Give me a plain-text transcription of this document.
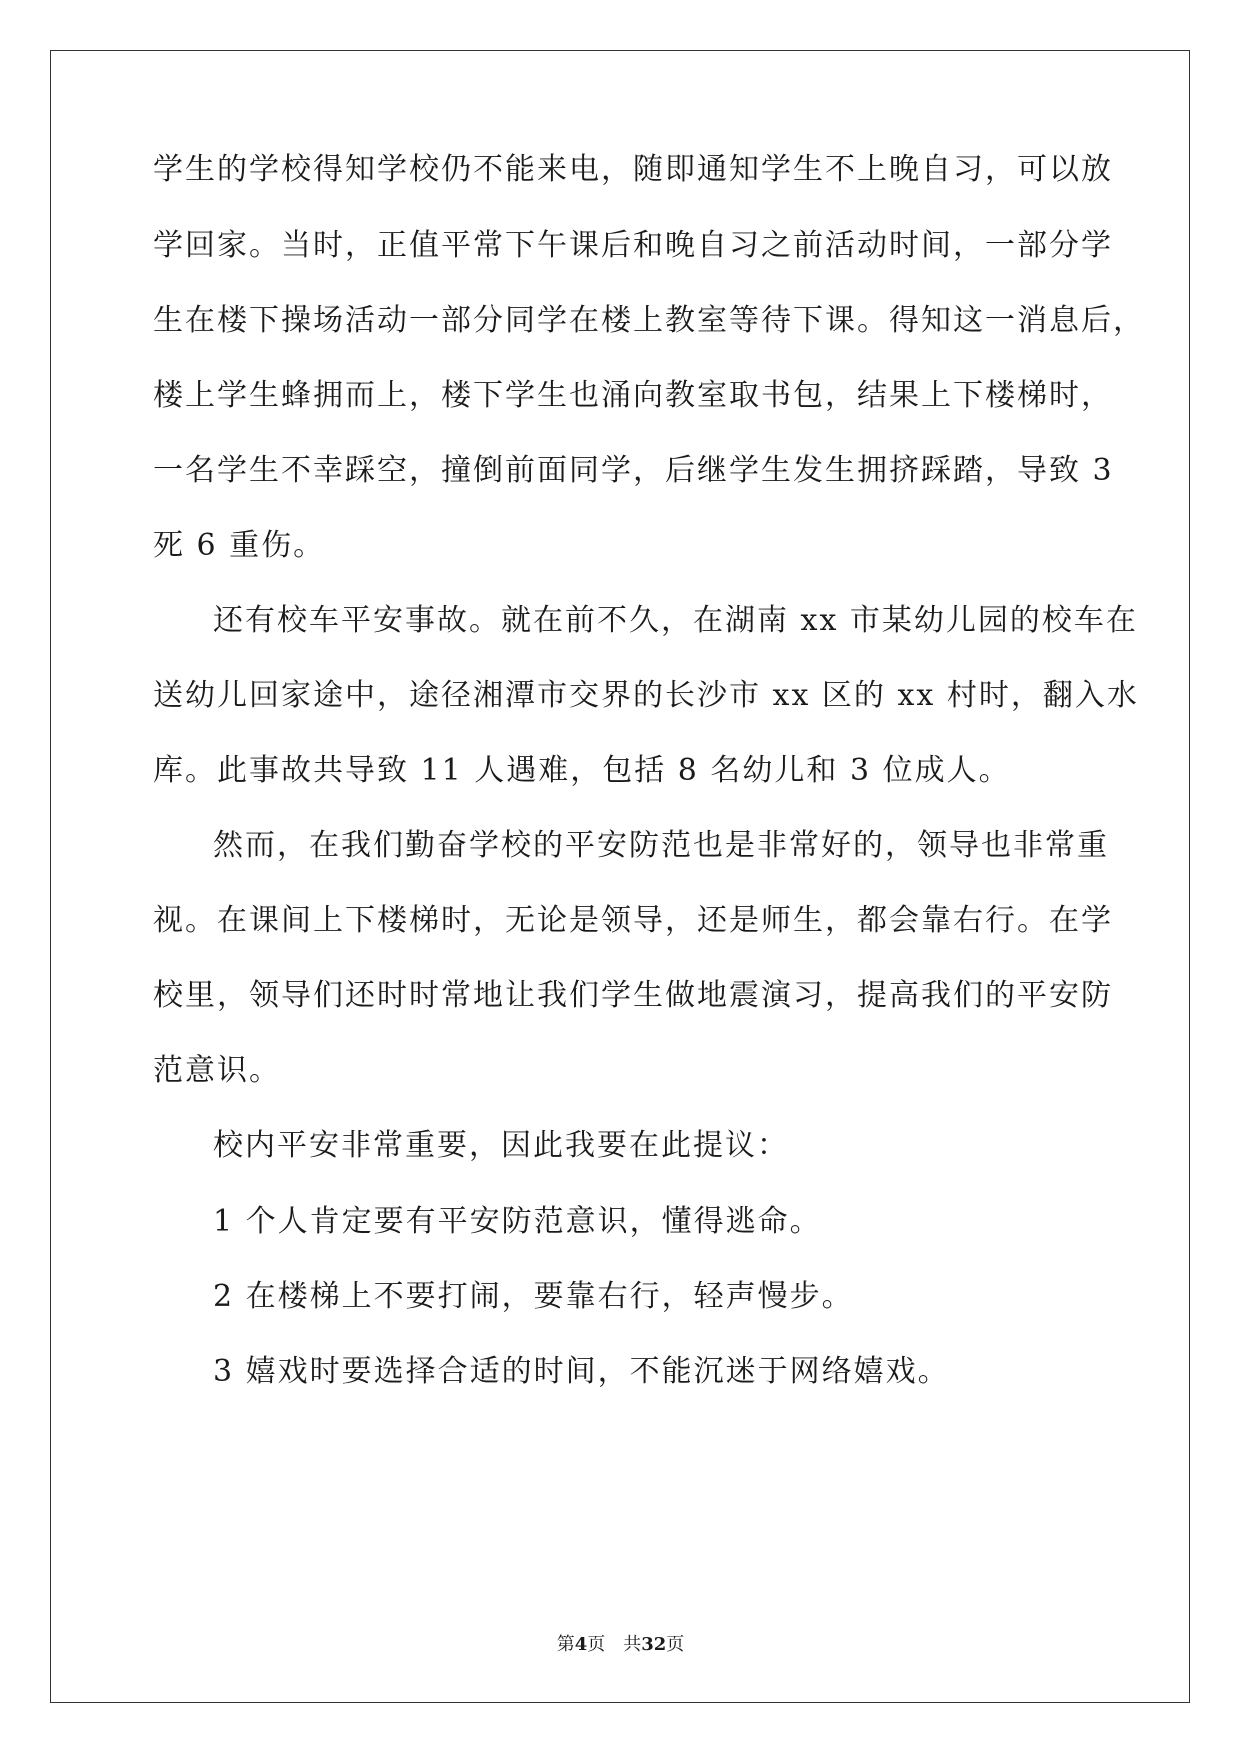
学生的学校得知学校仍不能来电，随即通知学生不上晚自习，可以放
学回家。当时，正值平常下午课后和晚自习之前活动时间，一部分学
生在楼下操场活动一部分同学在楼上教室等待下课。得知这一消息后，
楼上学生蜂拥而上，楼下学生也涌向教室取书包，结果上下楼梯时，
一名学生不幸踩空，撞倒前面同学，后继学生发生拥挤踩踏，导致 3
死 6 重伤。
还有校车平安事故。就在前不久，在湖南 xx 市某幼儿园的校车在
送幼儿回家途中，途径湘潭市交界的长沙市 xx 区的 xx 村时，翻入水
库。此事故共导致 11 人遇难，包括 8 名幼儿和 3 位成人。
然而，在我们勤奋学校的平安防范也是非常好的，领导也非常重
视。在课间上下楼梯时，无论是领导，还是师生，都会靠右行。在学
校里，领导们还时时常地让我们学生做地震演习，提高我们的平安防
范意识。
校内平安非常重要，因此我要在此提议：
1 个人肯定要有平安防范意识，懂得逃命。
2 在楼梯上不要打闹，要靠右行，轻声慢步。
3 嬉戏时要选择合适的时间，不能沉迷于网络嬉戏。
第4页 共32页
